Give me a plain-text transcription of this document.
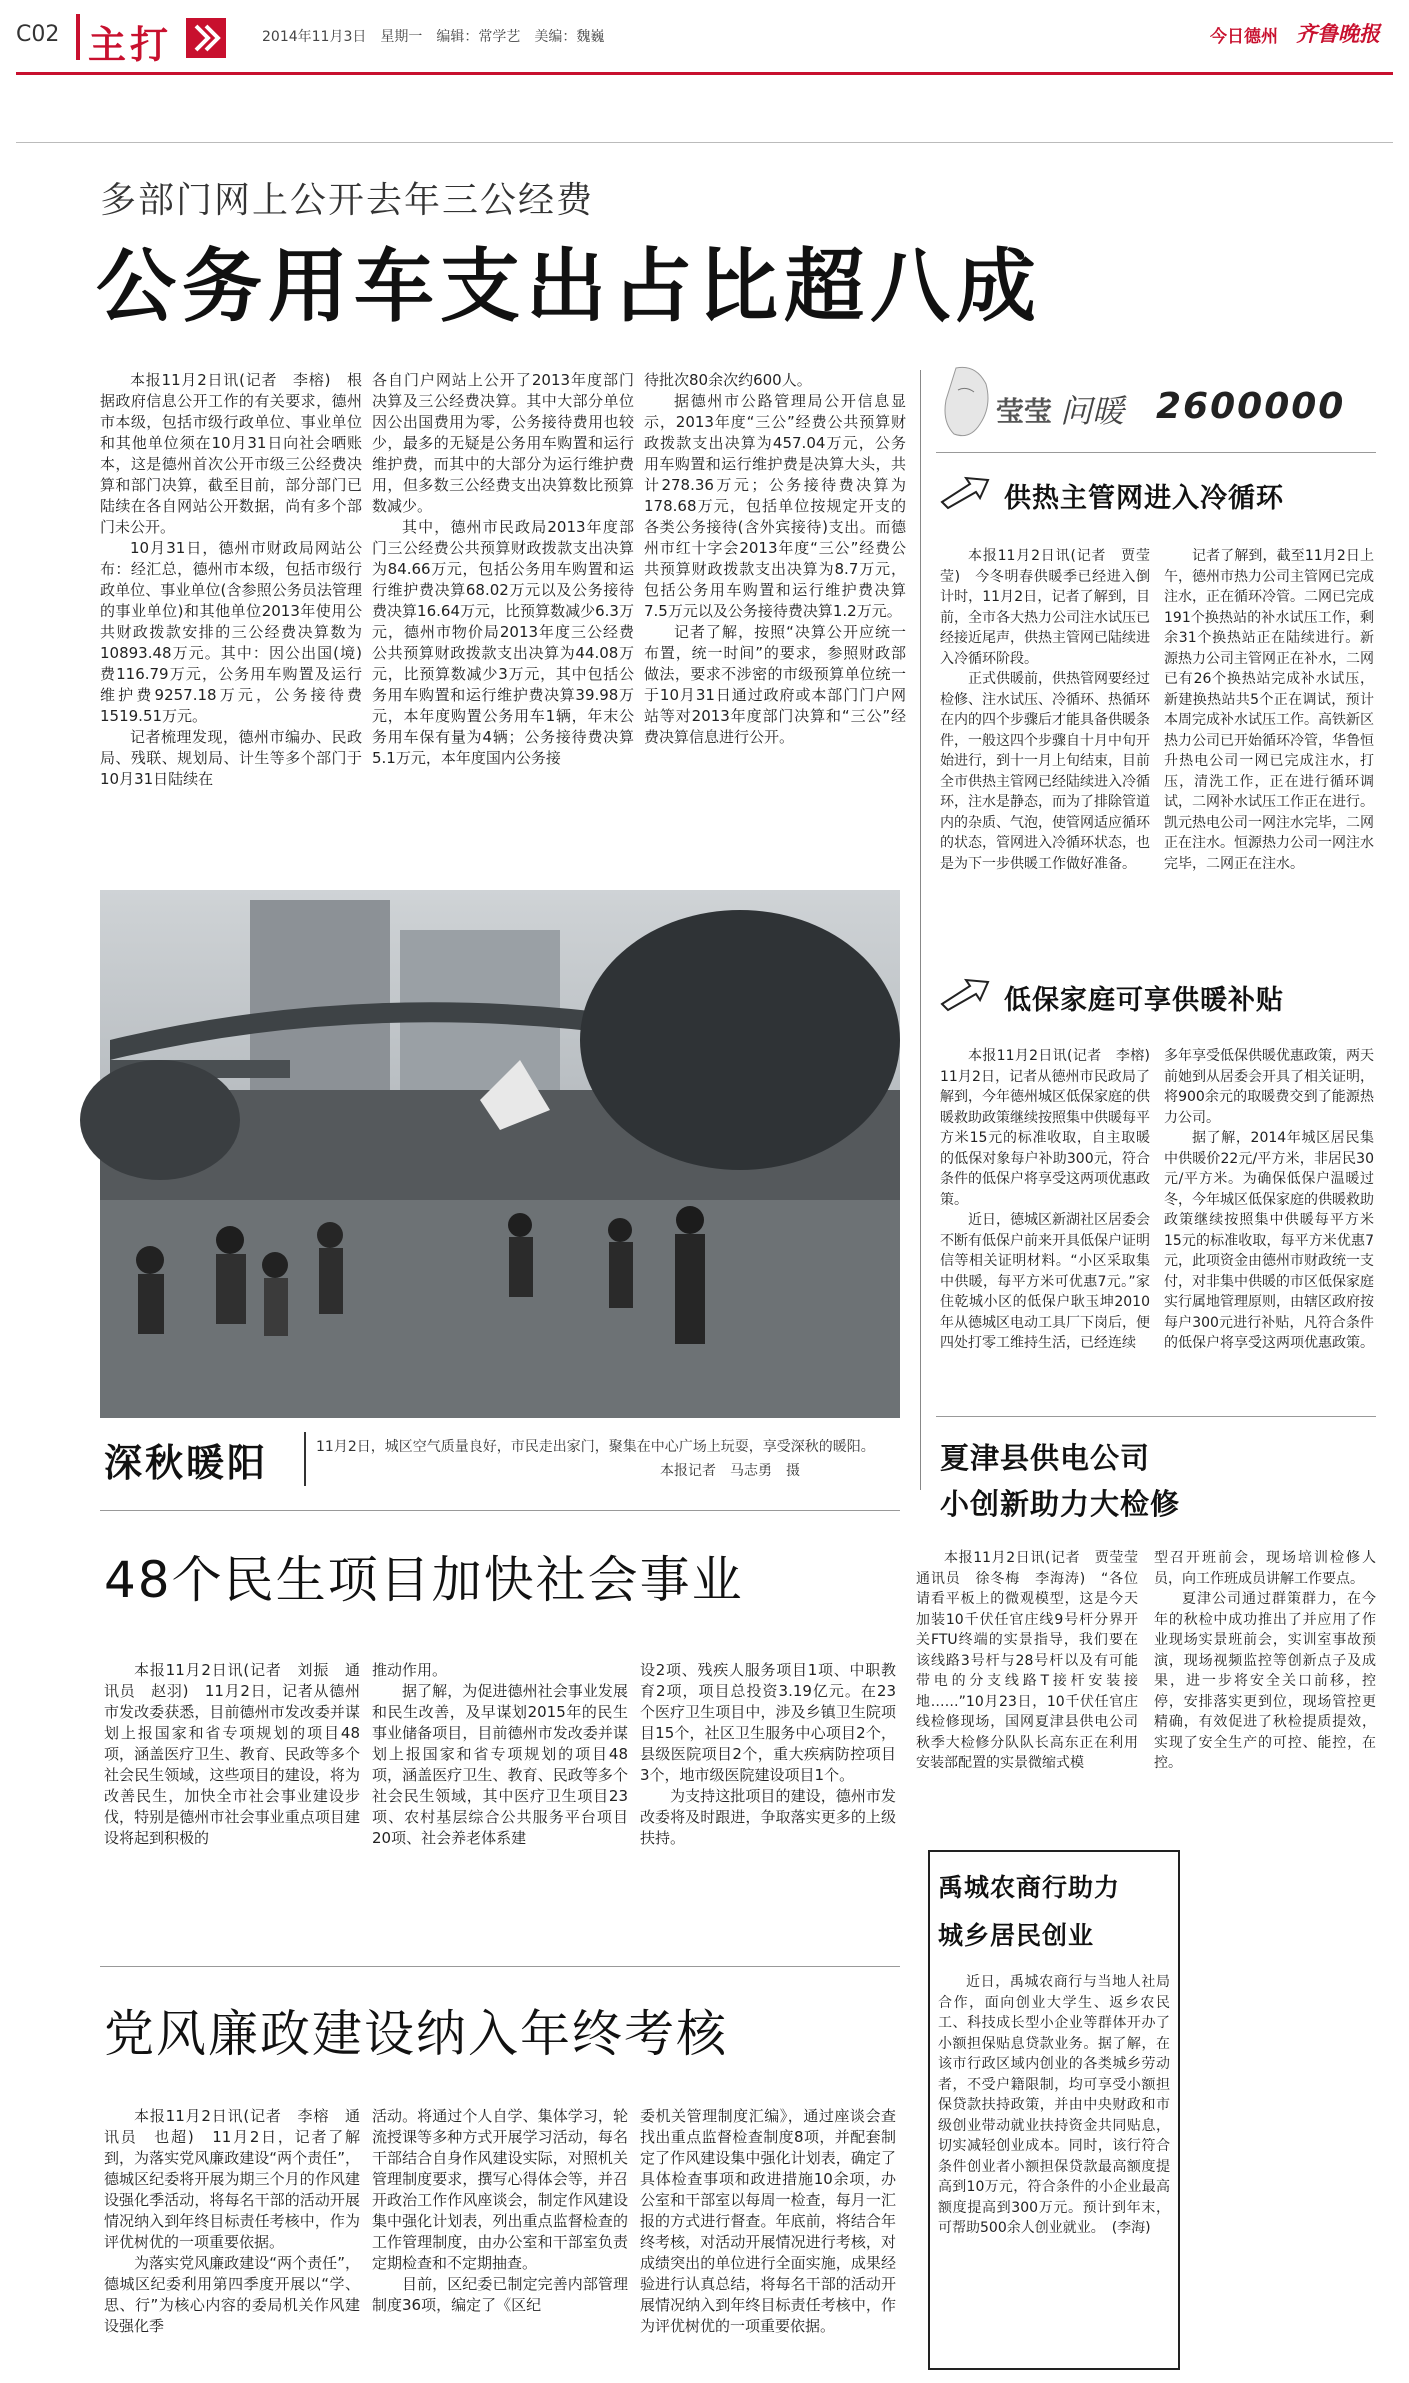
C02 主打	2014年11月3日　星期一　编辑：常学艺　美编：魏巍	今日德州 齐鲁晚报
多部门网上公开去年三公经费
公务用车支出占比超八成

本报11月2日讯(记者　李榕)　根据政府信息公开工作的有关要求，德州市本级，包括市级行政单位、事业单位和其他单位须在10月31日向社会晒账本，这是德州首次公开市级三公经费决算和部门决算，截至目前，部分部门已陆续在各自网站公开数据，尚有多个部门未公开。

10月31日，德州市财政局网站公布：经汇总，德州市本级，包括市级行政单位、事业单位(含参照公务员法管理的事业单位)和其他单位2013年使用公共财政拨款安排的三公经费决算数为10893.48万元。其中：因公出国(境)费116.79万元，公务用车购置及运行维护费9257.18万元，公务接待费1519.51万元。

记者梳理发现，德州市编办、民政局、残联、规划局、计生等多个部门于10月31日陆续在

各自门户网站上公开了2013年度部门决算及三公经费决算。其中大部分单位因公出国费用为零，公务接待费用也较少，最多的无疑是公务用车购置和运行维护费，而其中的大部分为运行维护费用，但多数三公经费支出决算数比预算数减少。

其中，德州市民政局2013年度部门三公经费公共预算财政拨款支出决算为84.66万元，包括公务用车购置和运行维护费决算68.02万元以及公务接待费决算16.64万元，比预算数减少6.3万元，德州市物价局2013年度三公经费公共预算财政拨款支出决算为44.08万元，比预算数减少3万元，其中包括公务用车购置和运行维护费决算39.98万元，本年度购置公务用车1辆，年末公务用车保有量为4辆；公务接待费决算5.1万元，本年度国内公务接

待批次80余次约600人。

据德州市公路管理局公开信息显示，2013年度“三公”经费公共预算财政拨款支出决算为457.04万元，公务用车购置和运行维护费是决算大头，共计278.36万元；公务接待费决算为178.68万元，包括单位按规定开支的各类公务接待(含外宾接待)支出。而德州市红十字会2013年度“三公”经费公共预算财政拨款支出决算为8.7万元，包括公务用车购置和运行维护费决算7.5万元以及公务接待费决算1.2万元。

记者了解，按照“决算公开应统一布置，统一时间”的要求，参照财政部做法，要求不涉密的市级预算单位统一于10月31日通过政府或本部门门户网站等对2013年度部门决算和“三公”经费决算信息进行公开。

深秋暖阳	11月2日，城区空气质量良好，市民走出家门，聚集在中心广场上玩耍，享受深秋的暖阳。
本报记者　马志勇　摄
莹莹 问暖 2600000
供热主管网进入冷循环

本报11月2日讯(记者　贾莹莹)　今冬明春供暖季已经进入倒计时，11月2日，记者了解到，目前，全市各大热力公司注水试压已经接近尾声，供热主管网已陆续进入冷循环阶段。

正式供暖前，供热管网要经过检修、注水试压、冷循环、热循环在内的四个步骤后才能具备供暖条件，一般这四个步骤自十月中旬开始进行，到十一月上旬结束，目前全市供热主管网已经陆续进入冷循环，注水是静态，而为了排除管道内的杂质、气泡，使管网适应循环的状态，管网进入冷循环状态，也是为下一步供暖工作做好准备。

记者了解到，截至11月2日上午，德州市热力公司主管网已完成注水，正在循环冷管。二网已完成191个换热站的补水试压工作，剩余31个换热站正在陆续进行。新源热力公司主管网正在补水，二网已有26个换热站完成补水试压，新建换热站共5个正在调试，预计本周完成补水试压工作。高铁新区热力公司已开始循环冷管，华鲁恒升热电公司一网已完成注水，打压，清洗工作，正在进行循环调试，二网补水试压工作正在进行。凯元热电公司一网注水完毕，二网正在注水。恒源热力公司一网注水完毕，二网正在注水。

低保家庭可享供暖补贴

本报11月2日讯(记者　李榕)　11月2日，记者从德州市民政局了解到，今年德州城区低保家庭的供暖救助政策继续按照集中供暖每平方米15元的标准收取，自主取暖的低保对象每户补助300元，符合条件的低保户将享受这两项优惠政策。

近日，德城区新湖社区居委会不断有低保户前来开具低保户证明信等相关证明材料。“小区采取集中供暖，每平方米可优惠7元。”家住乾城小区的低保户耿玉坤2010年从德城区电动工具厂下岗后，便四处打零工维持生活，已经连续

多年享受低保供暖优惠政策，两天前她到从居委会开具了相关证明，将900余元的取暖费交到了能源热力公司。

据了解，2014年城区居民集中供暖价22元/平方米，非居民30元/平方米。为确保低保户温暖过冬，今年城区低保家庭的供暖救助政策继续按照集中供暖每平方米15元的标准收取，每平方米优惠7元，此项资金由德州市财政统一支付，对非集中供暖的市区低保家庭实行属地管理原则，由辖区政府按每户300元进行补贴，凡符合条件的低保户将享受这两项优惠政策。

夏津县供电公司
小创新助力大检修

本报11月2日讯(记者　贾莹莹　通讯员　徐冬梅　李海涛)　“各位请看平板上的微观模型，这是今天加装10千伏任官庄线9号杆分界开关FTU终端的实景指导，我们要在该线路3号杆与28号杆以及有可能带电的分支线路T接杆安装接地……”10月23日，10千伏任官庄线检修现场，国网夏津县供电公司秋季大检修分队队长高东正在利用安装部配置的实景微缩式模

型召开班前会，现场培训检修人员，向工作班成员讲解工作要点。

夏津公司通过群策群力，在今年的秋检中成功推出了并应用了作业现场实景班前会，实训室事故预演，现场视频监控等创新点子及成果，进一步将安全关口前移，控停，安排落实更到位，现场管控更精确，有效促进了秋检提质提效，实现了安全生产的可控、能控，在控。

48个民生项目加快社会事业

本报11月2日讯(记者　刘振　通讯员　赵羽)　11月2日，记者从德州市发改委获悉，目前德州市发改委并谋划上报国家和省专项规划的项目48项，涵盖医疗卫生、教育、民政等多个社会民生领域，这些项目的建设，将为改善民生，加快全市社会事业建设步伐，特别是德州市社会事业重点项目建设将起到积极的

推动作用。

据了解，为促进德州社会事业发展和民生改善，及早谋划2015年的民生事业储备项目，目前德州市发改委并谋划上报国家和省专项规划的项目48项，涵盖医疗卫生、教育、民政等多个社会民生领域，其中医疗卫生项目23项、农村基层综合公共服务平台项目20项、社会养老体系建

设2项、残疾人服务项目1项、中职教育2项，项目总投资3.19亿元。在23个医疗卫生项目中，涉及乡镇卫生院项目15个，社区卫生服务中心项目2个，县级医院项目2个，重大疾病防控项目3个，地市级医院建设项目1个。

为支持这批项目的建设，德州市发改委将及时跟进，争取落实更多的上级扶持。

党风廉政建设纳入年终考核

本报11月2日讯(记者　李榕　通讯员　也超)　11月2日，记者了解到，为落实党风廉政建设“两个责任”，德城区纪委将开展为期三个月的作风建设强化季活动，将每名干部的活动开展情况纳入到年终目标责任考核中，作为评优树优的一项重要依据。

为落实党风廉政建设“两个责任”，德城区纪委利用第四季度开展以“学、思、行”为核心内容的委局机关作风建设强化季

活动。将通过个人自学、集体学习，轮流授课等多种方式开展学习活动，每名干部结合自身作风建设实际，对照机关管理制度要求，撰写心得体会等，并召开政治工作作风座谈会，制定作风建设集中强化计划表，列出重点监督检查的工作管理制度，由办公室和干部室负责定期检查和不定期抽查。

目前，区纪委已制定完善内部管理制度36项，编定了《区纪

委机关管理制度汇编》，通过座谈会查找出重点监督检查制度8项，并配套制定了作风建设集中强化计划表，确定了具体检查事项和政进措施10余项，办公室和干部室以每周一检查，每月一汇报的方式进行督查。年底前，将结合年终考核，对活动开展情况进行考核，对成绩突出的单位进行全面实施，成果经验进行认真总结，将每名干部的活动开展情况纳入到年终目标责任考核中，作为评优树优的一项重要依据。

禹城农商行助力
城乡居民创业

近日，禹城农商行与当地人社局合作，面向创业大学生、返乡农民工、科技成长型小企业等群体开办了小额担保贴息贷款业务。据了解，在该市行政区域内创业的各类城乡劳动者，不受户籍限制，均可享受小额担保贷款扶持政策，并由中央财政和市级创业带动就业扶持资金共同贴息，切实减轻创业成本。同时，该行符合条件创业者小额担保贷款最高额度提高到10万元，符合条件的小企业最高额度提高到300万元。预计到年末，可帮助500余人创业就业。　(李海)
